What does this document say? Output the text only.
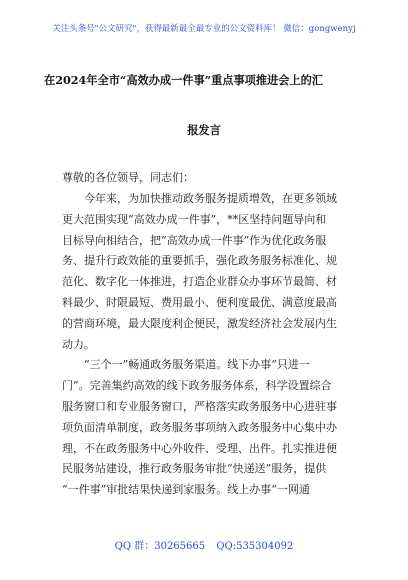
关注头条号"公文研究"，获得最新最全最专业的公文资料库！ 微信：gongwenyj
在2024年全市“高效办成一件事”重点事项推进会上的汇
报发言
尊敬的各位领导，同志们：
今年来，为加快推动政务服务提质增效，在更多领域
更大范围实现“高效办成一件事”，**区坚持问题导向和
目标导向相结合，把“高效办成一件事”作为优化政务服
务、提升行政效能的重要抓手，强化政务服务标准化、规
范化、数字化一体推进，打造企业群众办事环节最简、材
料最少、时限最短、费用最小、便利度最优、满意度最高
的营商环境，最大限度利企便民，激发经济社会发展内生
动力。
“三个一”畅通政务服务渠道。线下办事“只进一
门”。完善集约高效的线下政务服务体系，科学设置综合
服务窗口和专业服务窗口，严格落实政务服务中心进驻事
项负面清单制度，政务服务事项纳入政务服务中心集中办
理，不在政务服务中心外收件、受理、出件。扎实推进便
民服务站建设，推行政务服务审批“快递送”服务，提供
“一件事”审批结果快递到家服务。线上办事“一网通
QQ 群：30265665 QQ:535304092
